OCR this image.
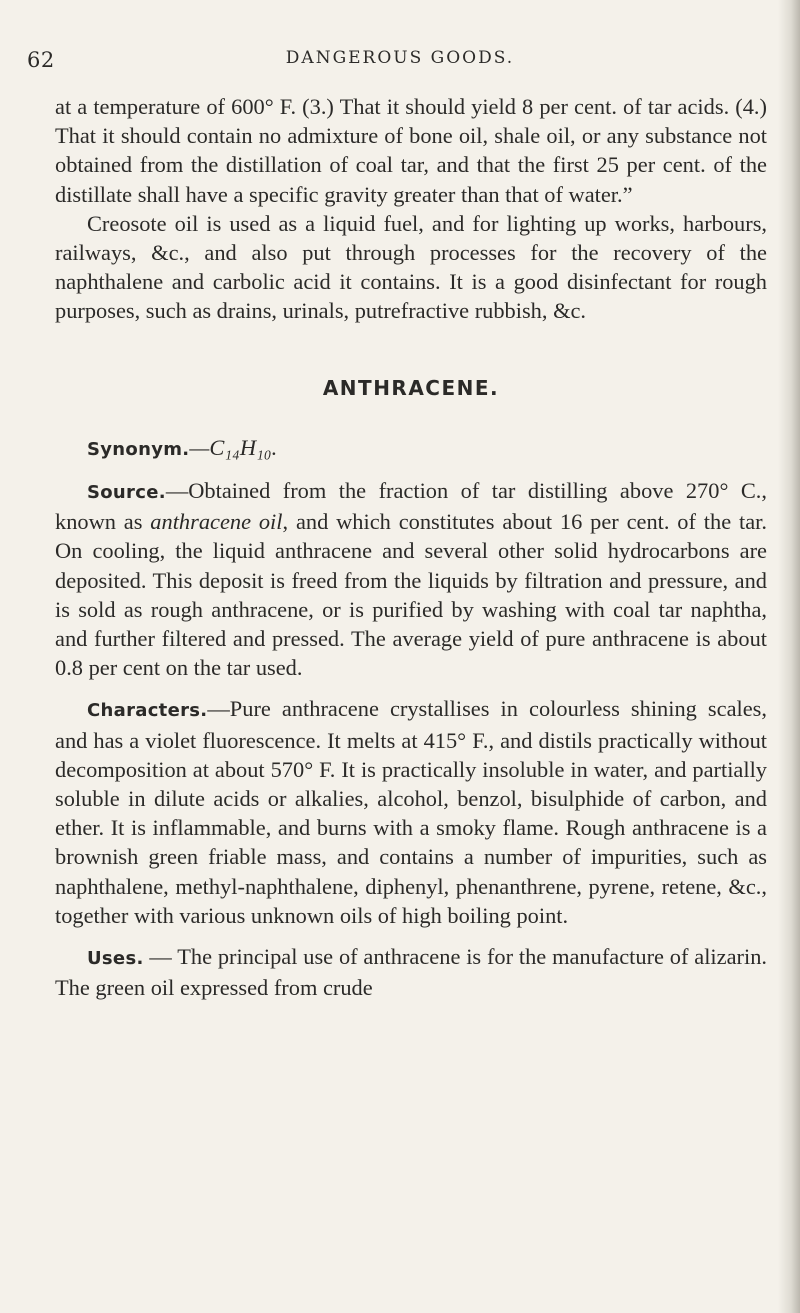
62	DANGEROUS GOODS.

at a temperature of 600° F. (3.) That it should yield 8 per cent. of tar acids. (4.) That it should contain no admixture of bone oil, shale oil, or any substance not obtained from the distillation of coal tar, and that the first 25 per cent. of the distillate shall have a specific gravity greater than that of water.”

Creosote oil is used as a liquid fuel, and for lighting up works, harbours, railways, &c., and also put through processes for the recovery of the naphthalene and carbolic acid it contains. It is a good disinfectant for rough purposes, such as drains, urinals, putrefractive rubbish, &c.

ANTHRACENE.

Synonym.—C₁₄H₁₀.

Source.—Obtained from the fraction of tar distilling above 270° C., known as anthracene oil, and which constitutes about 16 per cent. of the tar. On cooling, the liquid anthracene and several other solid hydrocarbons are deposited. This deposit is freed from the liquids by filtration and pressure, and is sold as rough anthracene, or is purified by washing with coal tar naphtha, and further filtered and pressed. The average yield of pure anthracene is about 0.8 per cent on the tar used.

Characters.—Pure anthracene crystallises in colourless shining scales, and has a violet fluorescence. It melts at 415° F., and distils practically without decomposition at about 570° F. It is practically insoluble in water, and partially soluble in dilute acids or alkalies, alcohol, benzol, bisulphide of carbon, and ether. It is inflammable, and burns with a smoky flame. Rough anthracene is a brownish green friable mass, and contains a number of impurities, such as naphthalene, methyl-naphthalene, diphenyl, phenanthrene, pyrene, retene, &c., together with various unknown oils of high boiling point.

Uses. — The principal use of anthracene is for the manufacture of alizarin. The green oil expressed from crude
